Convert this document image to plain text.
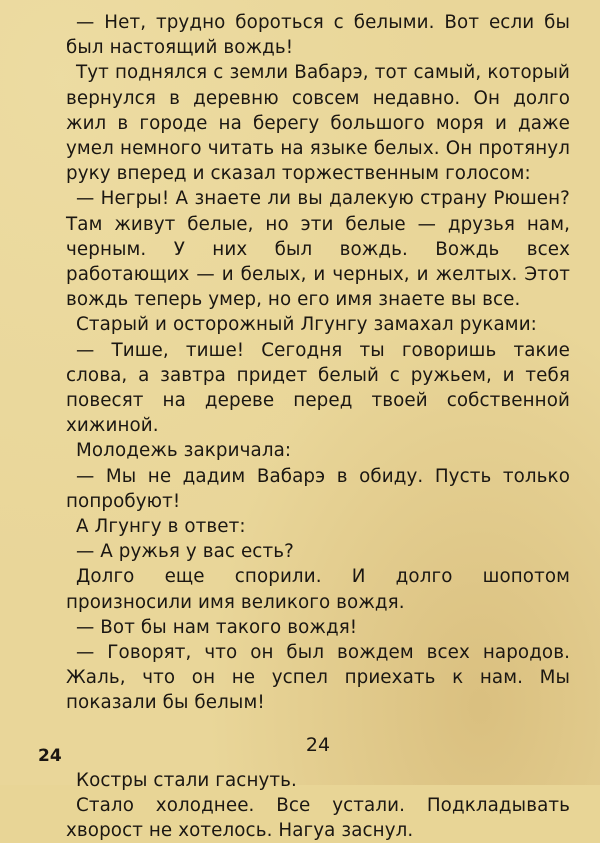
— Нет, трудно бороться с белыми. Вот если бы был настоящий вождь!

Тут поднялся с земли Вабарэ, тот самый, который вернулся в деревню совсем недавно. Он долго жил в городе на берегу большого моря и даже умел немного читать на языке белых. Он протянул руку вперед и сказал торжественным голосом:

— Негры! А знаете ли вы далекую страну Рюшен? Там живут белые, но эти белые — друзья нам, черным. У них был вождь. Вождь всех работающих — и белых, и черных, и желтых. Этот вождь теперь умер, но его имя знаете вы все.

Старый и осторожный Лгунгу замахал руками:

— Тише, тише! Сегодня ты говоришь такие слова, а завтра придет белый с ружьем, и тебя повесят на дереве перед твоей собственной хижиной.

Молодежь закричала:

— Мы не дадим Вабарэ в обиду. Пусть только попробуют!

А Лгунгу в ответ:

— А ружья у вас есть?

Долго еще спорили. И долго шопотом произносили имя великого вождя.

— Вот бы нам такого вождя!

— Говорят, что он был вождем всех народов. Жаль, что он не успел приехать к нам. Мы показали бы белым!

24

Костры стали гаснуть.

Стало холоднее. Все устали. Подкладывать хворост не хотелось. Нагуа заснул.

24
